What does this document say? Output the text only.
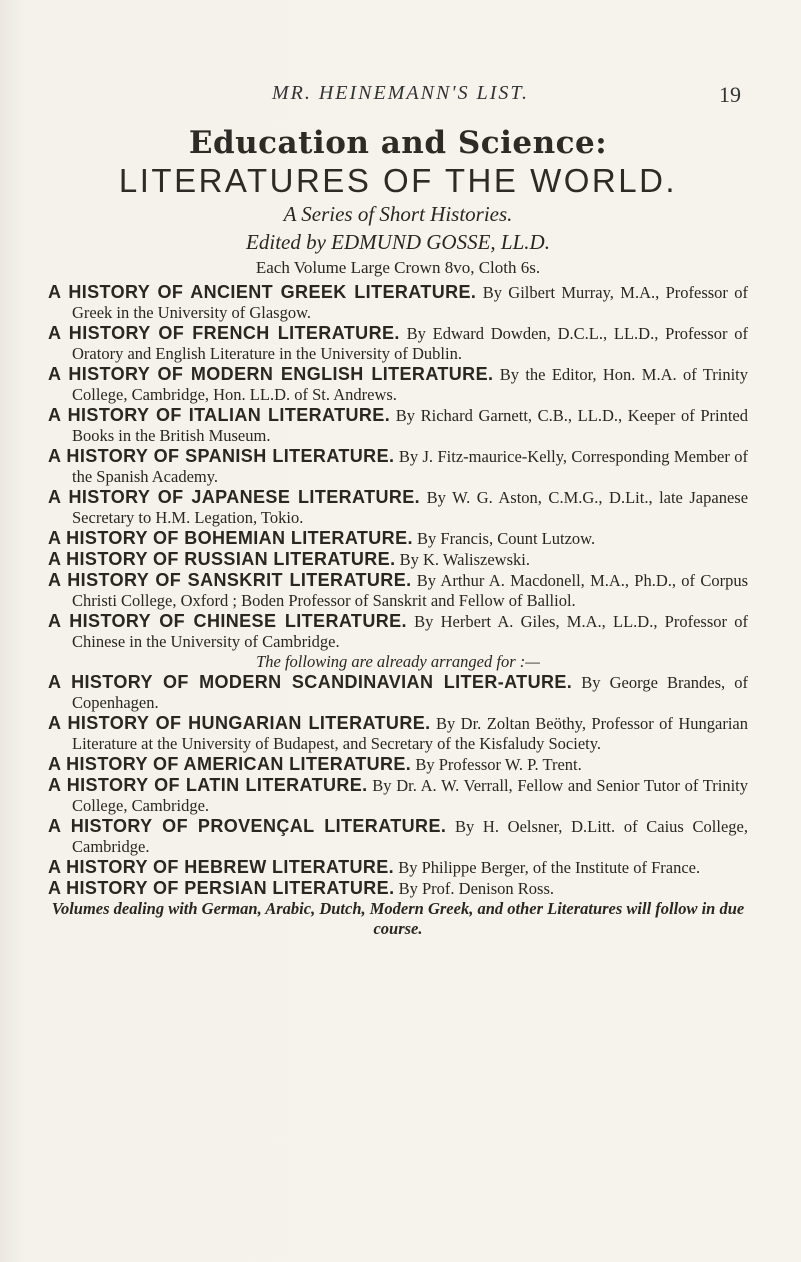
MR. HEINEMANN'S LIST.	19
Education and Science:
LITERATURES OF THE WORLD.
A Series of Short Histories.
Edited by EDMUND GOSSE, LL.D.
Each Volume Large Crown 8vo, Cloth 6s.

A HISTORY OF ANCIENT GREEK LITERATURE. By Gilbert Murray, M.A., Professor of Greek in the University of Glasgow.

A HISTORY OF FRENCH LITERATURE. By Edward Dowden, D.C.L., LL.D., Professor of Oratory and English Literature in the University of Dublin.

A HISTORY OF MODERN ENGLISH LITERATURE. By the Editor, Hon. M.A. of Trinity College, Cambridge, Hon. LL.D. of St. Andrews.

A HISTORY OF ITALIAN LITERATURE. By Richard Garnett, C.B., LL.D., Keeper of Printed Books in the British Museum.

A HISTORY OF SPANISH LITERATURE. By J. Fitz-maurice-Kelly, Corresponding Member of the Spanish Academy.

A HISTORY OF JAPANESE LITERATURE. By W. G. Aston, C.M.G., D.Lit., late Japanese Secretary to H.M. Legation, Tokio.

A HISTORY OF BOHEMIAN LITERATURE. By Francis, Count Lutzow.

A HISTORY OF RUSSIAN LITERATURE. By K. Waliszewski.

A HISTORY OF SANSKRIT LITERATURE. By Arthur A. Macdonell, M.A., Ph.D., of Corpus Christi College, Oxford ; Boden Professor of Sanskrit and Fellow of Balliol.

A HISTORY OF CHINESE LITERATURE. By Herbert A. Giles, M.A., LL.D., Professor of Chinese in the University of Cambridge.

The following are already arranged for :—

A HISTORY OF MODERN SCANDINAVIAN LITER-ATURE. By George Brandes, of Copenhagen.

A HISTORY OF HUNGARIAN LITERATURE. By Dr. Zoltan Beöthy, Professor of Hungarian Literature at the University of Budapest, and Secretary of the Kisfaludy Society.

A HISTORY OF AMERICAN LITERATURE. By Professor W. P. Trent.

A HISTORY OF LATIN LITERATURE. By Dr. A. W. Verrall, Fellow and Senior Tutor of Trinity College, Cambridge.

A HISTORY OF PROVENÇAL LITERATURE. By H. Oelsner, D.Litt. of Caius College, Cambridge.

A HISTORY OF HEBREW LITERATURE. By Philippe Berger, of the Institute of France.

A HISTORY OF PERSIAN LITERATURE. By Prof. Denison Ross.

Volumes dealing with German, Arabic, Dutch, Modern Greek, and other Literatures will follow in due course.
